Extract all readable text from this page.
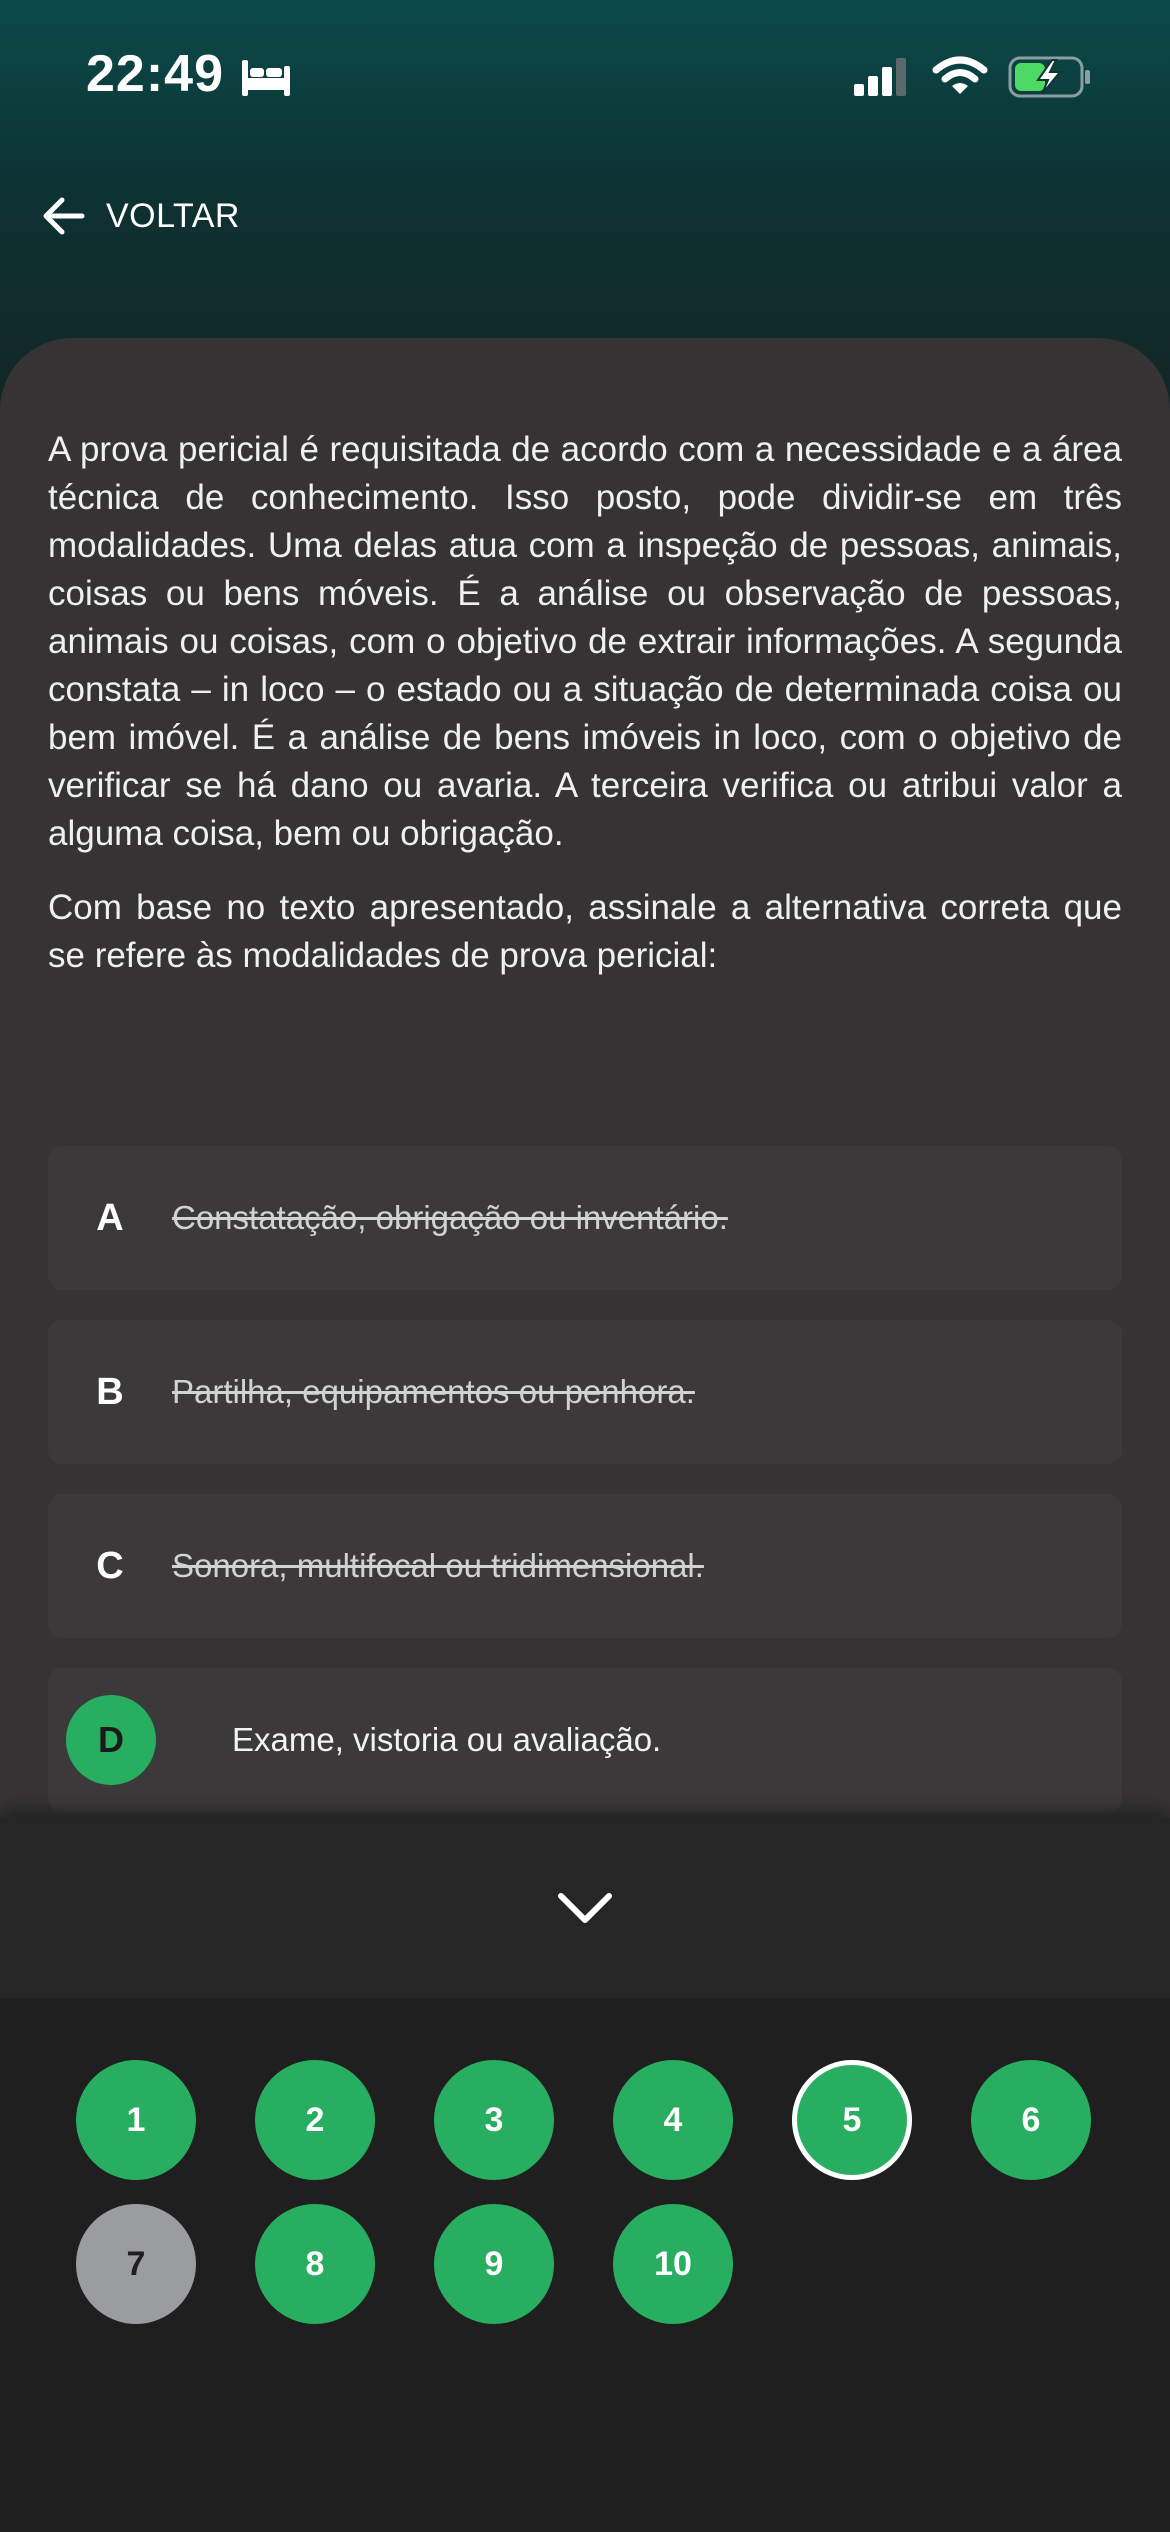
22:49
VOLTAR

A prova pericial é requisitada de acordo com a necessidade e a área técnica de conhecimento. Isso posto, pode dividir-se em três modalidades. Uma delas atua com a inspeção de pessoas, animais, coisas ou bens móveis. É a análise ou observação de pessoas, animais ou coisas, com o objetivo de extrair informações. A segunda constata – in loco – o estado ou a situação de determinada coisa ou bem imóvel. É a análise de bens imóveis in loco, com o objetivo de verificar se há dano ou avaria. A terceira verifica ou atribui valor a alguma coisa, bem ou obrigação.

Com base no texto apresentado, assinale a alternativa correta que se refere às modalidades de prova pericial:

A	Constatação, obrigação ou inventário.
B	Partilha, equipamentos ou penhora.
C	Sonora, multifocal ou tridimensional.
D	Exame, vistoria ou avaliação.
1	2	3	4	5	6
7	8	9	10
